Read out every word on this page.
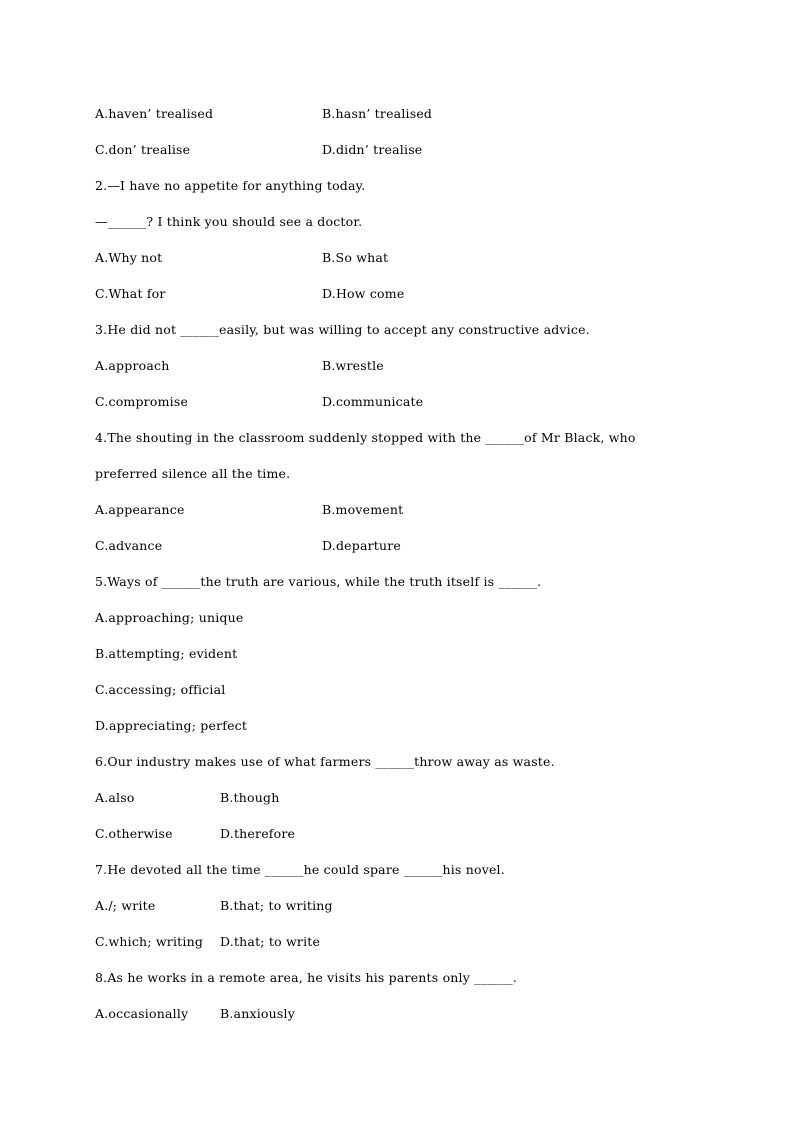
A.haven’ trealised	B.hasn’ trealised
C.don’ trealise	D.didn’ trealise
2.—I have no appetite for anything today.
—______? I think you should see a doctor.
A.Why not	B.So what
C.What for	D.How come
3.He did not ______easily, but was willing to accept any constructive advice.
A.approach	B.wrestle
C.compromise	D.communicate
4.The shouting in the classroom suddenly stopped with the ______of Mr Black, who
preferred silence all the time.
A.appearance	B.movement
C.advance	D.departure
5.Ways of ______the truth are various, while the truth itself is ______.
A.approaching; unique
B.attempting; evident
C.accessing; official
D.appreciating; perfect
6.Our industry makes use of what farmers ______throw away as waste.
A.also	B.though
C.otherwise	D.therefore
7.He devoted all the time ______he could spare ______his novel.
A./; write	B.that; to writing
C.which; writing D.that; to write
8.As he works in a remote area, he visits his parents only ______.
A.occasionally	B.anxiously
